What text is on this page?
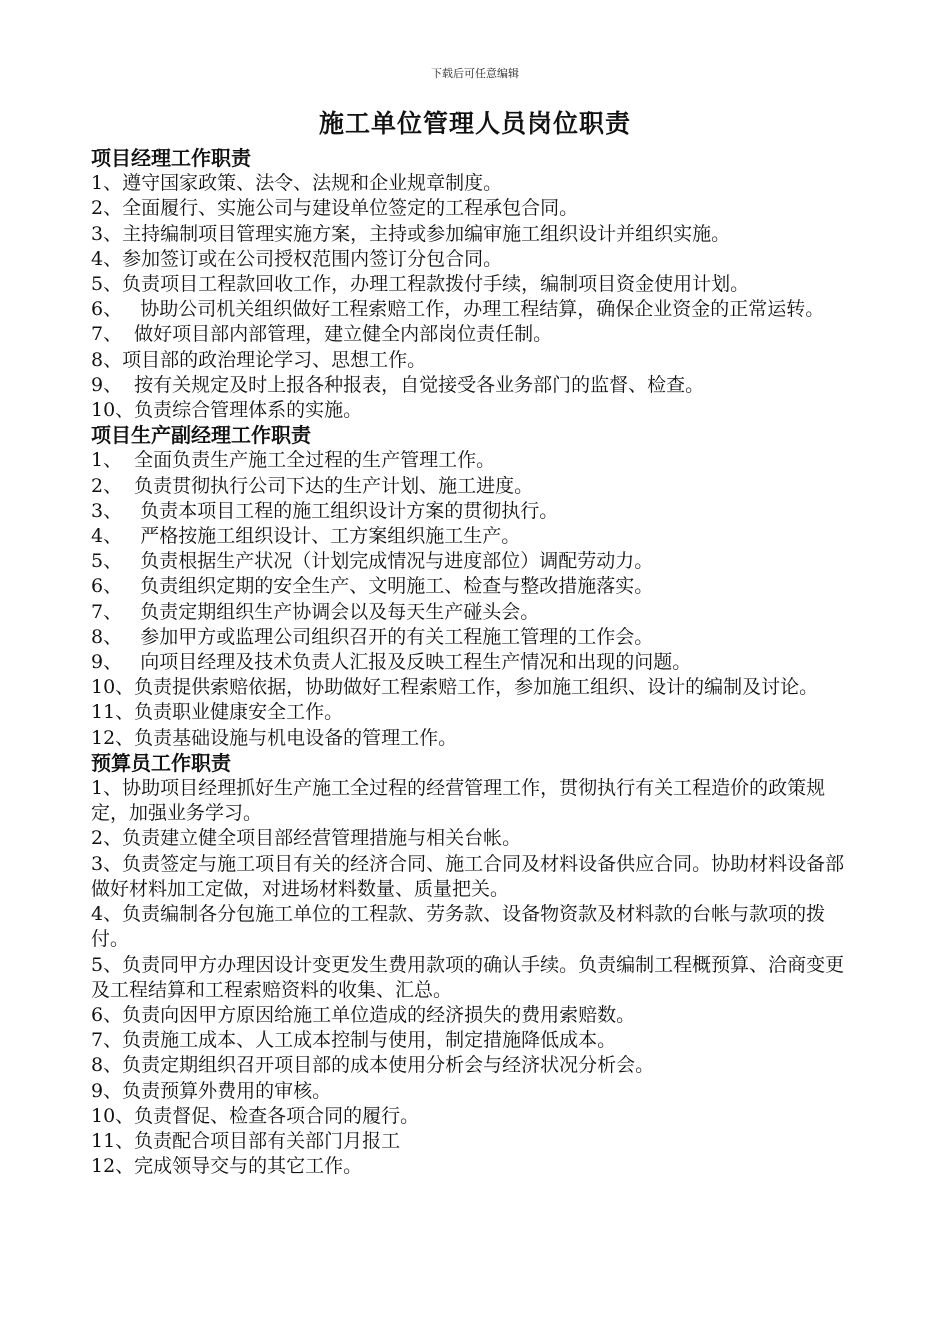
下载后可任意编辑
施工单位管理人员岗位职责

项目经理工作职责

1、遵守国家政策、法令、法规和企业规章制度。

2、全面履行、实施公司与建设单位签定的工程承包合同。

3、主持编制项目管理实施方案，主持或参加编审施工组织设计并组织实施。

4、参加签订或在公司授权范围内签订分包合同。

5、负责项目工程款回收工作，办理工程款拨付手续，编制项目资金使用计划。

6、   协助公司机关组织做好工程索赔工作，办理工程结算，确保企业资金的正常运转。

7、  做好项目部内部管理，建立健全内部岗位责任制。

8、项目部的政治理论学习、思想工作。

9、  按有关规定及时上报各种报表，自觉接受各业务部门的监督、检查。

10、负责综合管理体系的实施。

项目生产副经理工作职责

1、  全面负责生产施工全过程的生产管理工作。

2、  负责贯彻执行公司下达的生产计划、施工进度。

3、   负责本项目工程的施工组织设计方案的贯彻执行。

4、   严格按施工组织设计、工方案组织施工生产。

5、   负责根据生产状况（计划完成情况与进度部位）调配劳动力。

6、   负责组织定期的安全生产、文明施工、检查与整改措施落实。

7、   负责定期组织生产协调会以及每天生产碰头会。

8、   参加甲方或监理公司组织召开的有关工程施工管理的工作会。

9、   向项目经理及技术负责人汇报及反映工程生产情况和出现的问题。

10、负责提供索赔依据，协助做好工程索赔工作，参加施工组织、设计的编制及讨论。

11、负责职业健康安全工作。

12、负责基础设施与机电设备的管理工作。

预算员工作职责

1、协助项目经理抓好生产施工全过程的经营管理工作，贯彻执行有关工程造价的政策规定，加强业务学习。

2、负责建立健全项目部经营管理措施与相关台帐。

3、负责签定与施工项目有关的经济合同、施工合同及材料设备供应合同。协助材料设备部做好材料加工定做，对进场材料数量、质量把关。

4、负责编制各分包施工单位的工程款、劳务款、设备物资款及材料款的台帐与款项的拨付。

5、负责同甲方办理因设计变更发生费用款项的确认手续。负责编制工程概预算、洽商变更及工程结算和工程索赔资料的收集、汇总。

6、负责向因甲方原因给施工单位造成的经济损失的费用索赔数。

7、负责施工成本、人工成本控制与使用，制定措施降低成本。

8、负责定期组织召开项目部的成本使用分析会与经济状况分析会。

9、负责预算外费用的审核。

10、负责督促、检查各项合同的履行。

11、负责配合项目部有关部门月报工

12、完成领导交与的其它工作。
